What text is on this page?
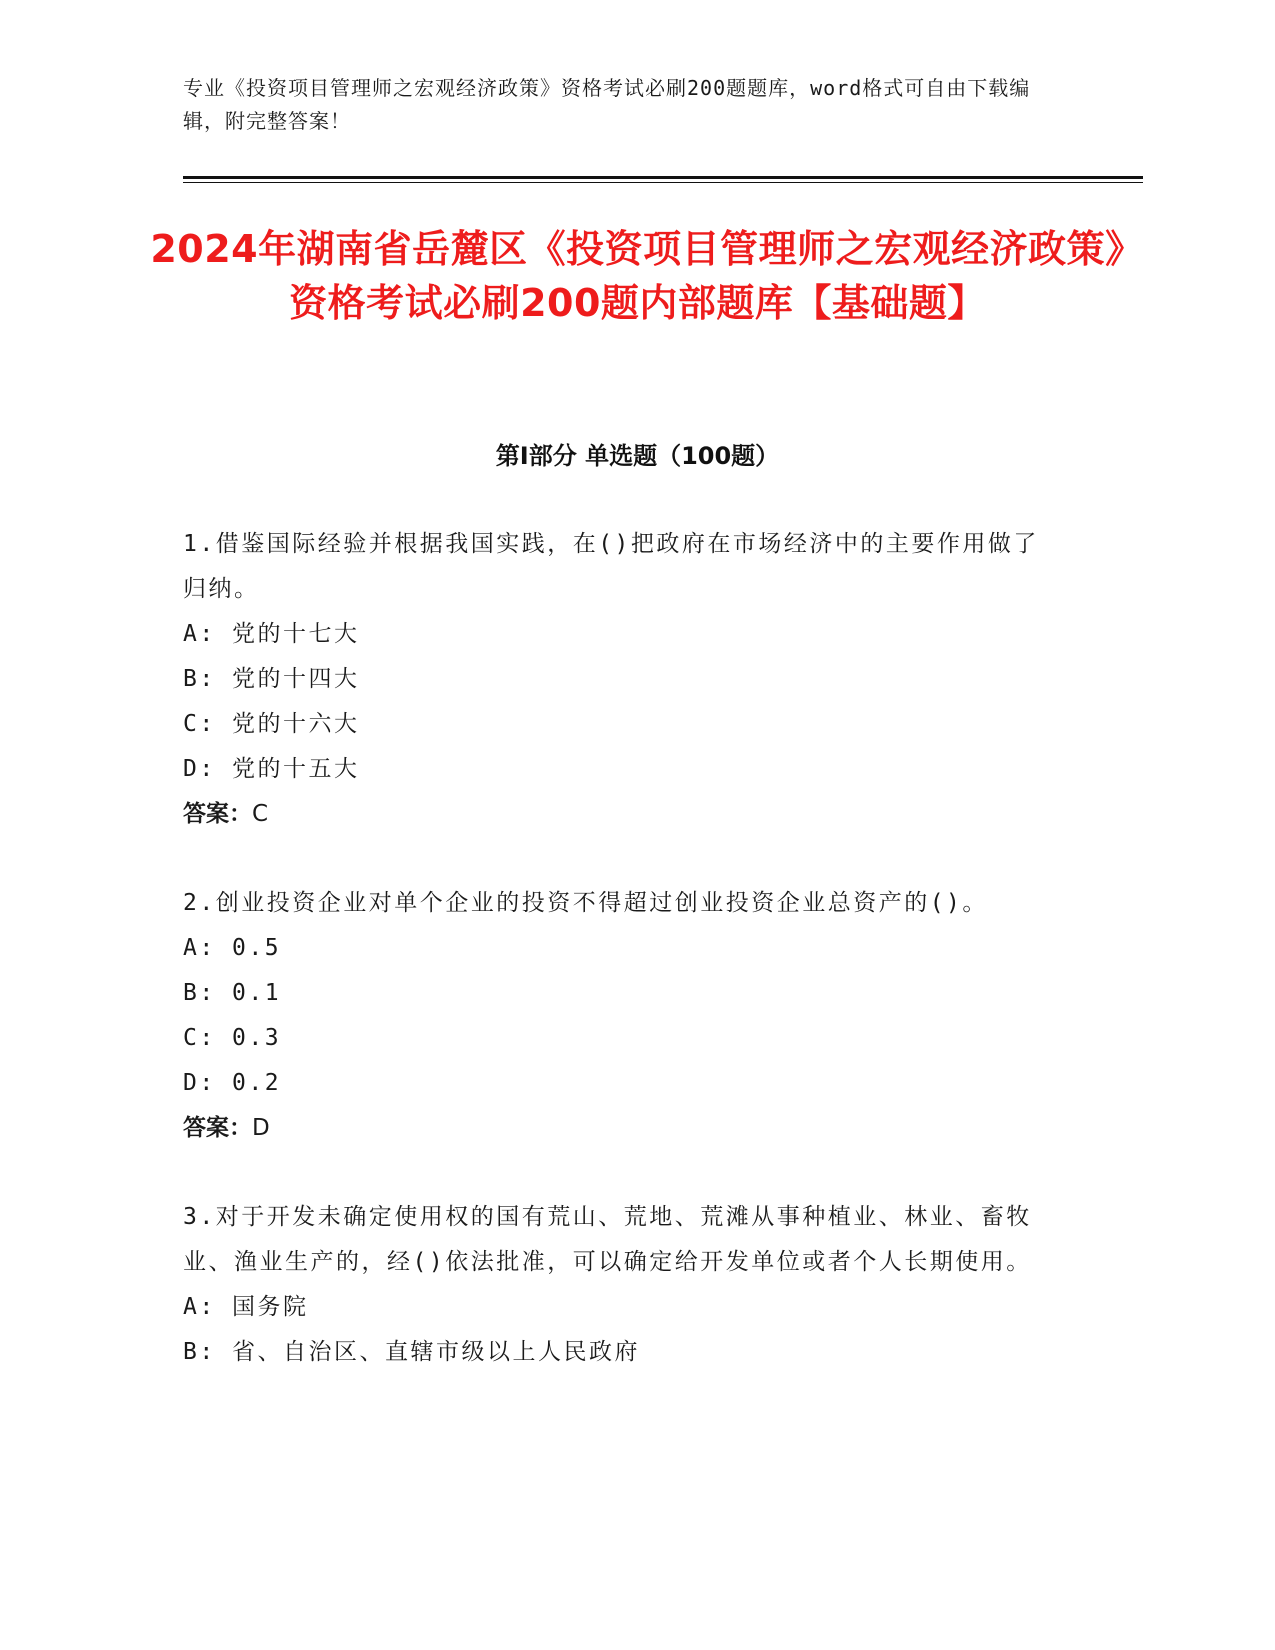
专业《投资项目管理师之宏观经济政策》资格考试必刷200题题库，word格式可自由下载编辑，附完整答案！
2024年湖南省岳麓区《投资项目管理师之宏观经济政策》资格考试必刷200题内部题库【基础题】
第Ⅰ部分 单选题（100题）

1.借鉴国际经验并根据我国实践，在()把政府在市场经济中的主要作用做了归纳。

A: 党的十七大

B: 党的十四大

C: 党的十六大

D: 党的十五大

答案：C

2.创业投资企业对单个企业的投资不得超过创业投资企业总资产的()。

A: 0.5

B: 0.1

C: 0.3

D: 0.2

答案：D

3.对于开发未确定使用权的国有荒山、荒地、荒滩从事种植业、林业、畜牧业、渔业生产的，经()依法批准，可以确定给开发单位或者个人长期使用。

A: 国务院

B: 省、自治区、直辖市级以上人民政府
